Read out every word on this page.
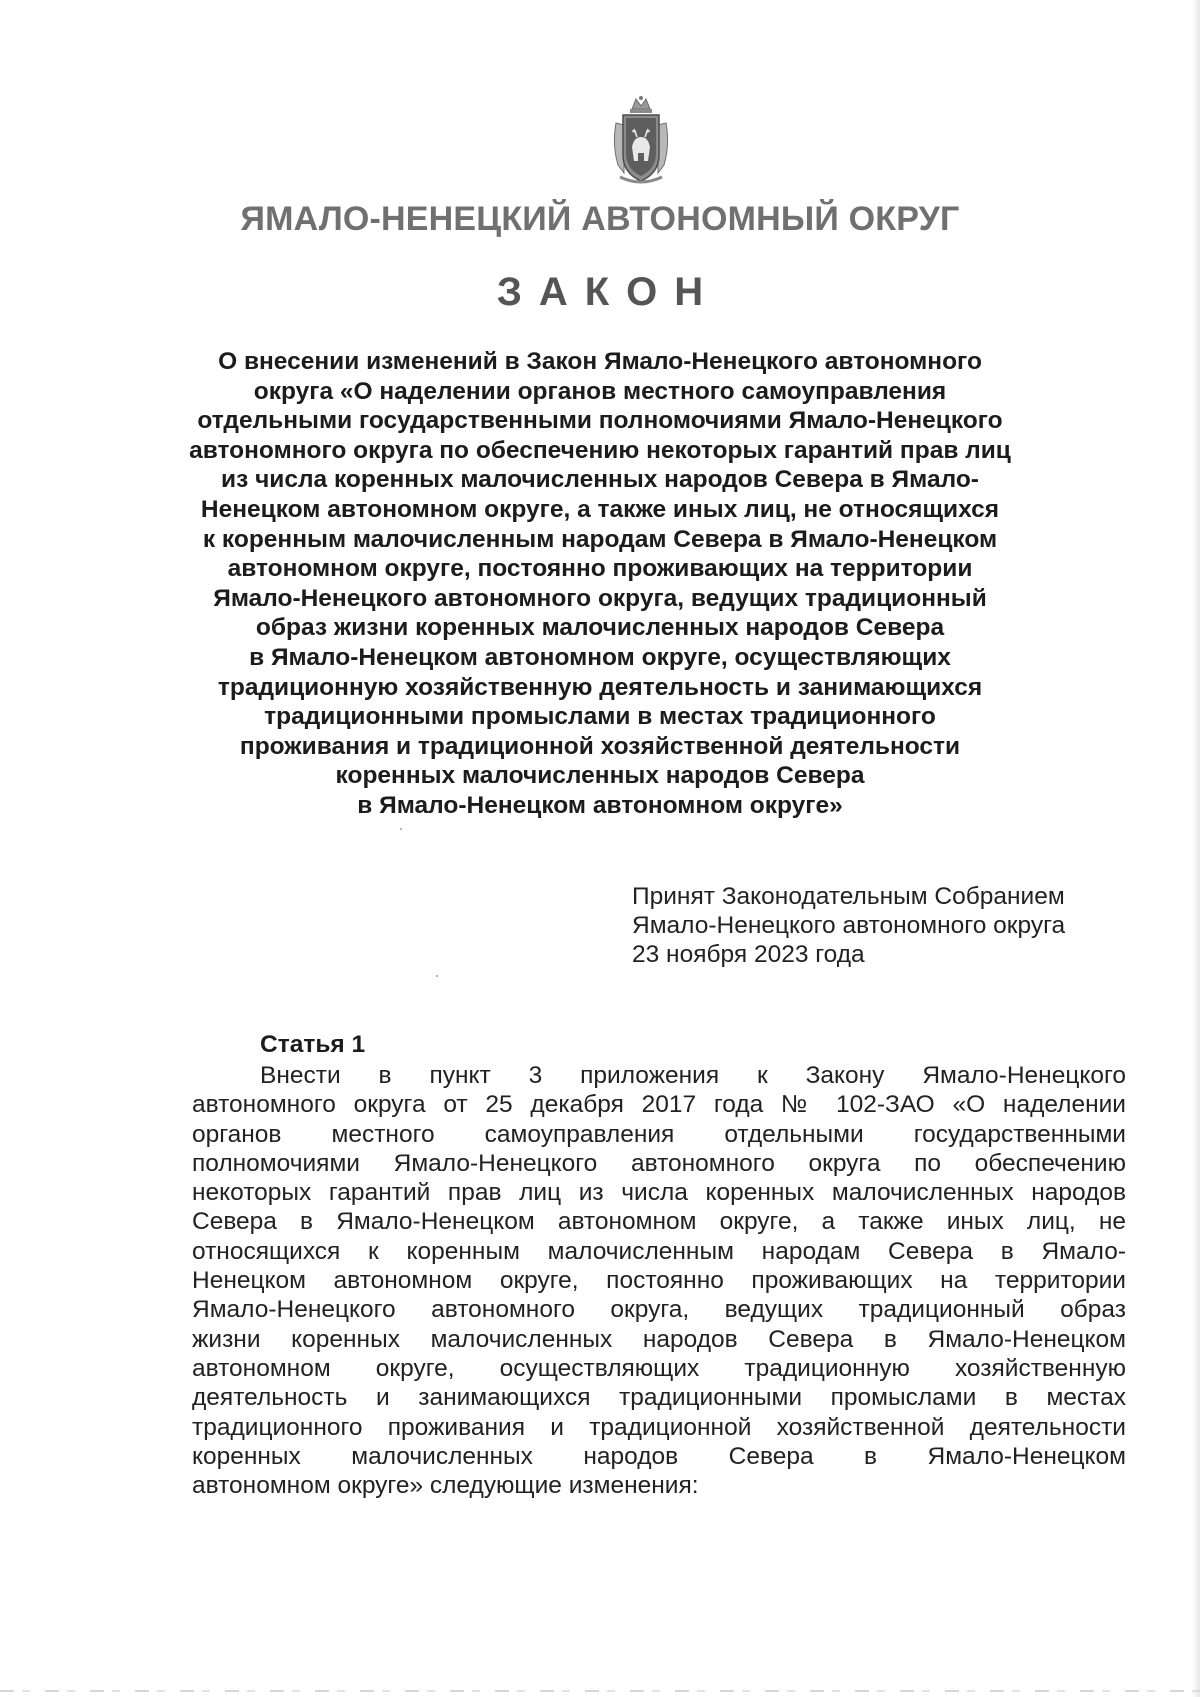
ЯМАЛО-НЕНЕЦКИЙ АВТОНОМНЫЙ ОКРУГ
ЗАКОН
О внесении изменений в Закон Ямало-Ненецкого автономного
округа «О наделении органов местного самоуправления
отдельными государственными полномочиями Ямало-Ненецкого
автономного округа по обеспечению некоторых гарантий прав лиц
из числа коренных малочисленных народов Севера в Ямало-
Ненецком автономном округе, а также иных лиц, не относящихся
к коренным малочисленным народам Севера в Ямало-Ненецком
автономном округе, постоянно проживающих на территории
Ямало-Ненецкого автономного округа, ведущих традиционный
образ жизни коренных малочисленных народов Севера
в Ямало-Ненецком автономном округе, осуществляющих
традиционную хозяйственную деятельность и занимающихся
традиционными промыслами в местах традиционного
проживания и традиционной хозяйственной деятельности
коренных малочисленных народов Севера
в Ямало-Ненецком автономном округе»
Принят Законодательным Собранием
Ямало-Ненецкого автономного округа
23 ноября 2023 года
Статья 1
Внести в пункт 3 приложения к Закону Ямало-Ненецкого
автономного округа от 25 декабря 2017 года № 102-ЗАО «О наделении
органов местного самоуправления отдельными государственными
полномочиями Ямало-Ненецкого автономного округа по обеспечению
некоторых гарантий прав лиц из числа коренных малочисленных народов
Севера в Ямало-Ненецком автономном округе, а также иных лиц, не
относящихся к коренным малочисленным народам Севера в Ямало-
Ненецком автономном округе, постоянно проживающих на территории
Ямало-Ненецкого автономного округа, ведущих традиционный образ
жизни коренных малочисленных народов Севера в Ямало-Ненецком
автономном округе, осуществляющих традиционную хозяйственную
деятельность и занимающихся традиционными промыслами в местах
традиционного проживания и традиционной хозяйственной деятельности
коренных малочисленных народов Севера в Ямало-Ненецком
автономном округе» следующие изменения:
